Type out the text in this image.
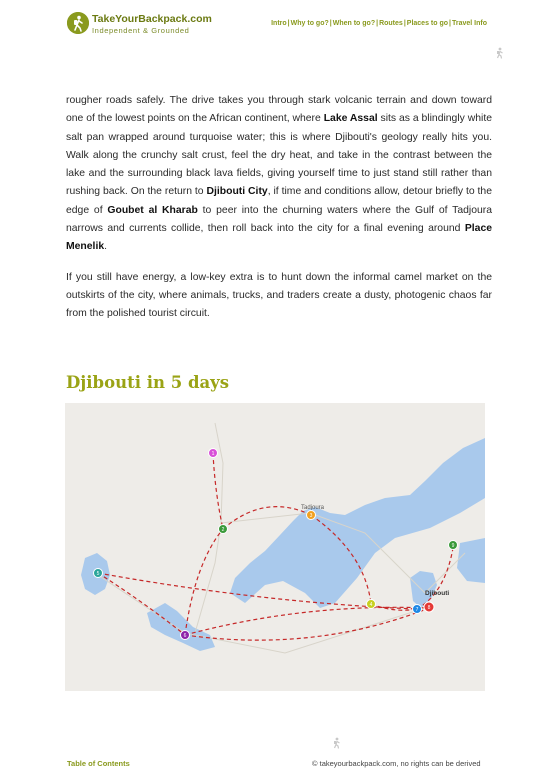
TakeYourBackpack.com
Independent & Grounded
Intro | Why to go? | When to go? | Routes | Places to go | Travel Info

rougher roads safely. The drive takes you through stark volcanic terrain and down toward one of the lowest points on the African continent, where Lake Assal sits as a blindingly white salt pan wrapped around turquoise water; this is where Djibouti's geology really hits you. Walk along the crunchy salt crust, feel the dry heat, and take in the contrast between the lake and the surrounding black lava fields, giving yourself time to just stand still rather than rushing back. On the return to Djibouti City, if time and conditions allow, detour briefly to the edge of Goubet al Kharab to peer into the churning waters where the Gulf of Tadjoura narrows and currents collide, then roll back into the city for a final evening around Place Menelik.

If you still have energy, a low-key extra is to hunt down the informal camel market on the outskirts of the city, where animals, trucks, and traders create a dusty, photogenic chaos far from the polished tourist circuit.

Djibouti in 5 days
Tadjoura
Djibouti
1
2
3
4
5
6
7 8
9
Table of Contents	© takeyourbackpack.com, no rights can be derived
